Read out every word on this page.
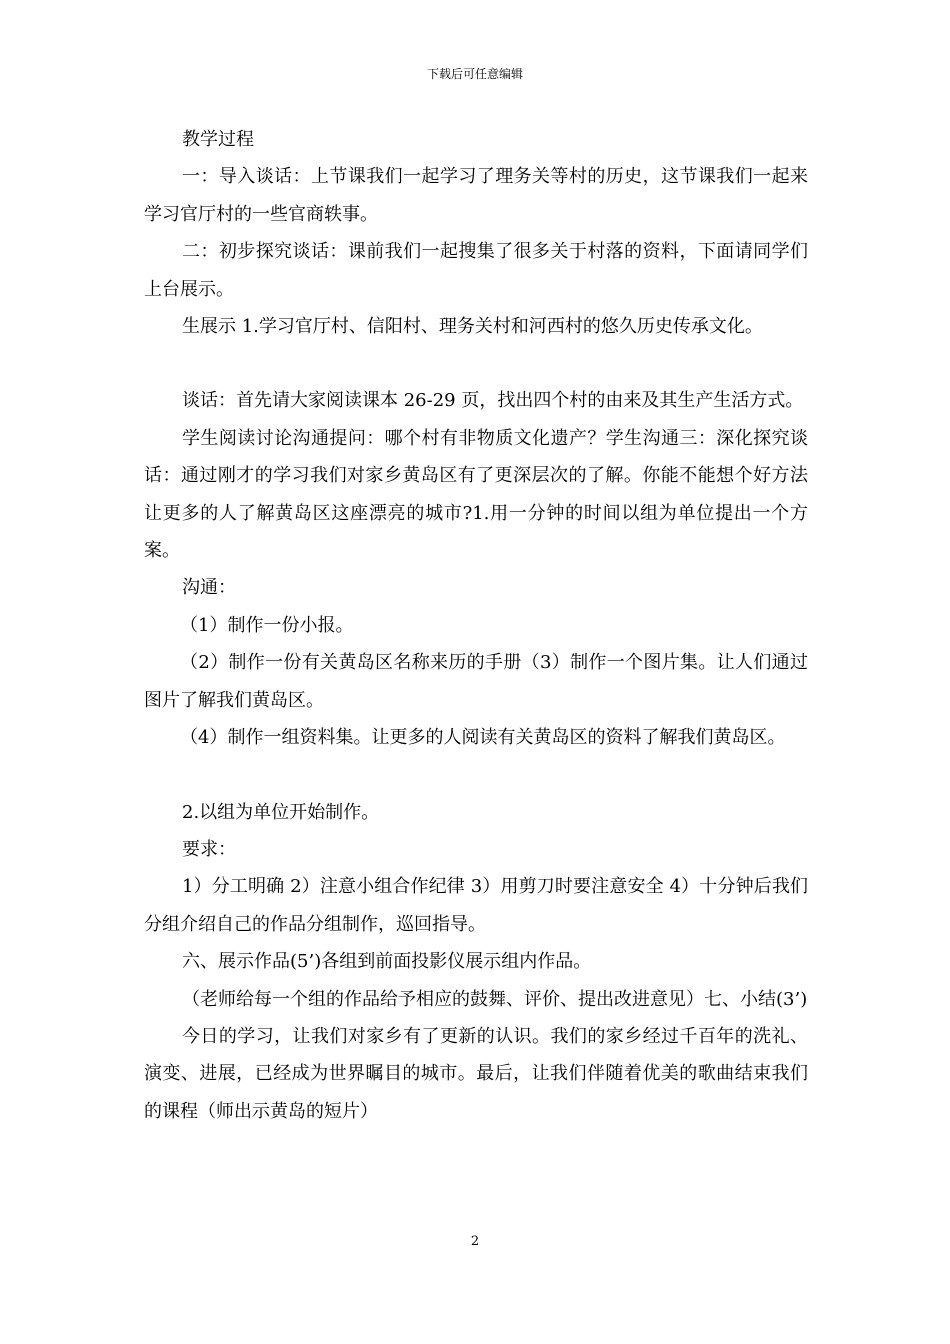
下载后可任意编辑

教学过程

一：导入谈话：上节课我们一起学习了理务关等村的历史，这节课我们一起来学习官厅村的一些官商轶事。

二：初步探究谈话：课前我们一起搜集了很多关于村落的资料，下面请同学们上台展示。

生展示 1.学习官厅村、信阳村、理务关村和河西村的悠久历史传承文化。

谈话：首先请大家阅读课本 26-29 页，找出四个村的由来及其生产生活方式。

学生阅读讨论沟通提问：哪个村有非物质文化遗产？学生沟通三：深化探究谈话：通过刚才的学习我们对家乡黄岛区有了更深层次的了解。你能不能想个好方法让更多的人了解黄岛区这座漂亮的城市?1.用一分钟的时间以组为单位提出一个方案。

沟通：

（1）制作一份小报。

（2）制作一份有关黄岛区名称来历的手册（3）制作一个图片集。让人们通过图片了解我们黄岛区。

（4）制作一组资料集。让更多的人阅读有关黄岛区的资料了解我们黄岛区。

2.以组为单位开始制作。

要求：

1）分工明确 2）注意小组合作纪律 3）用剪刀时要注意安全 4）十分钟后我们分组介绍自己的作品分组制作，巡回指导。

六、展示作品(5’)各组到前面投影仪展示组内作品。

（老师给每一个组的作品给予相应的鼓舞、评价、提出改进意见）七、小结(3’)

今日的学习，让我们对家乡有了更新的认识。我们的家乡经过千百年的洗礼、演变、进展，已经成为世界瞩目的城市。最后，让我们伴随着优美的歌曲结束我们的课程（师出示黄岛的短片）

2
